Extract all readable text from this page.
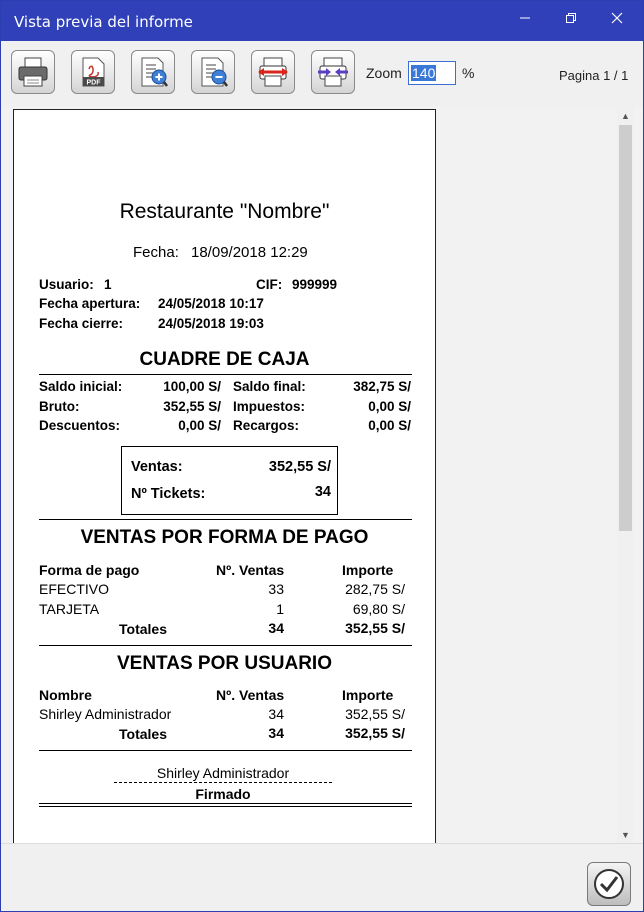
Vista previa del informe
PDF
Zoom 140	%	Pagina 1 / 1
Restaurante "Nombre"
Fecha: 18/09/2018 12:29
Usuario: 1	CIF: 999999
Fecha apertura: 24/05/2018 10:17
Fecha cierre:	24/05/2018 19:03
CUADRE DE CAJA
Saldo inicial:	100,00 S/ Saldo final:	382,75 S/
Bruto:	352,55 S/ Impuestos:	0,00 S/
Descuentos:	0,00 S/ Recargos:	0,00 S/
Ventas:	352,55 S/
Nº Tickets:	34
VENTAS POR FORMA DE PAGO
Forma de pago	Nº. Ventas	Importe
EFECTIVO	33	282,75 S/
TARJETA	1	69,80 S/
Totales	34	352,55 S/
VENTAS POR USUARIO
Nombre	Nº. Ventas	Importe
Shirley Administrador	34	352,55 S/
Totales	34	352,55 S/
Shirley Administrador
Firmado
▲
▼
